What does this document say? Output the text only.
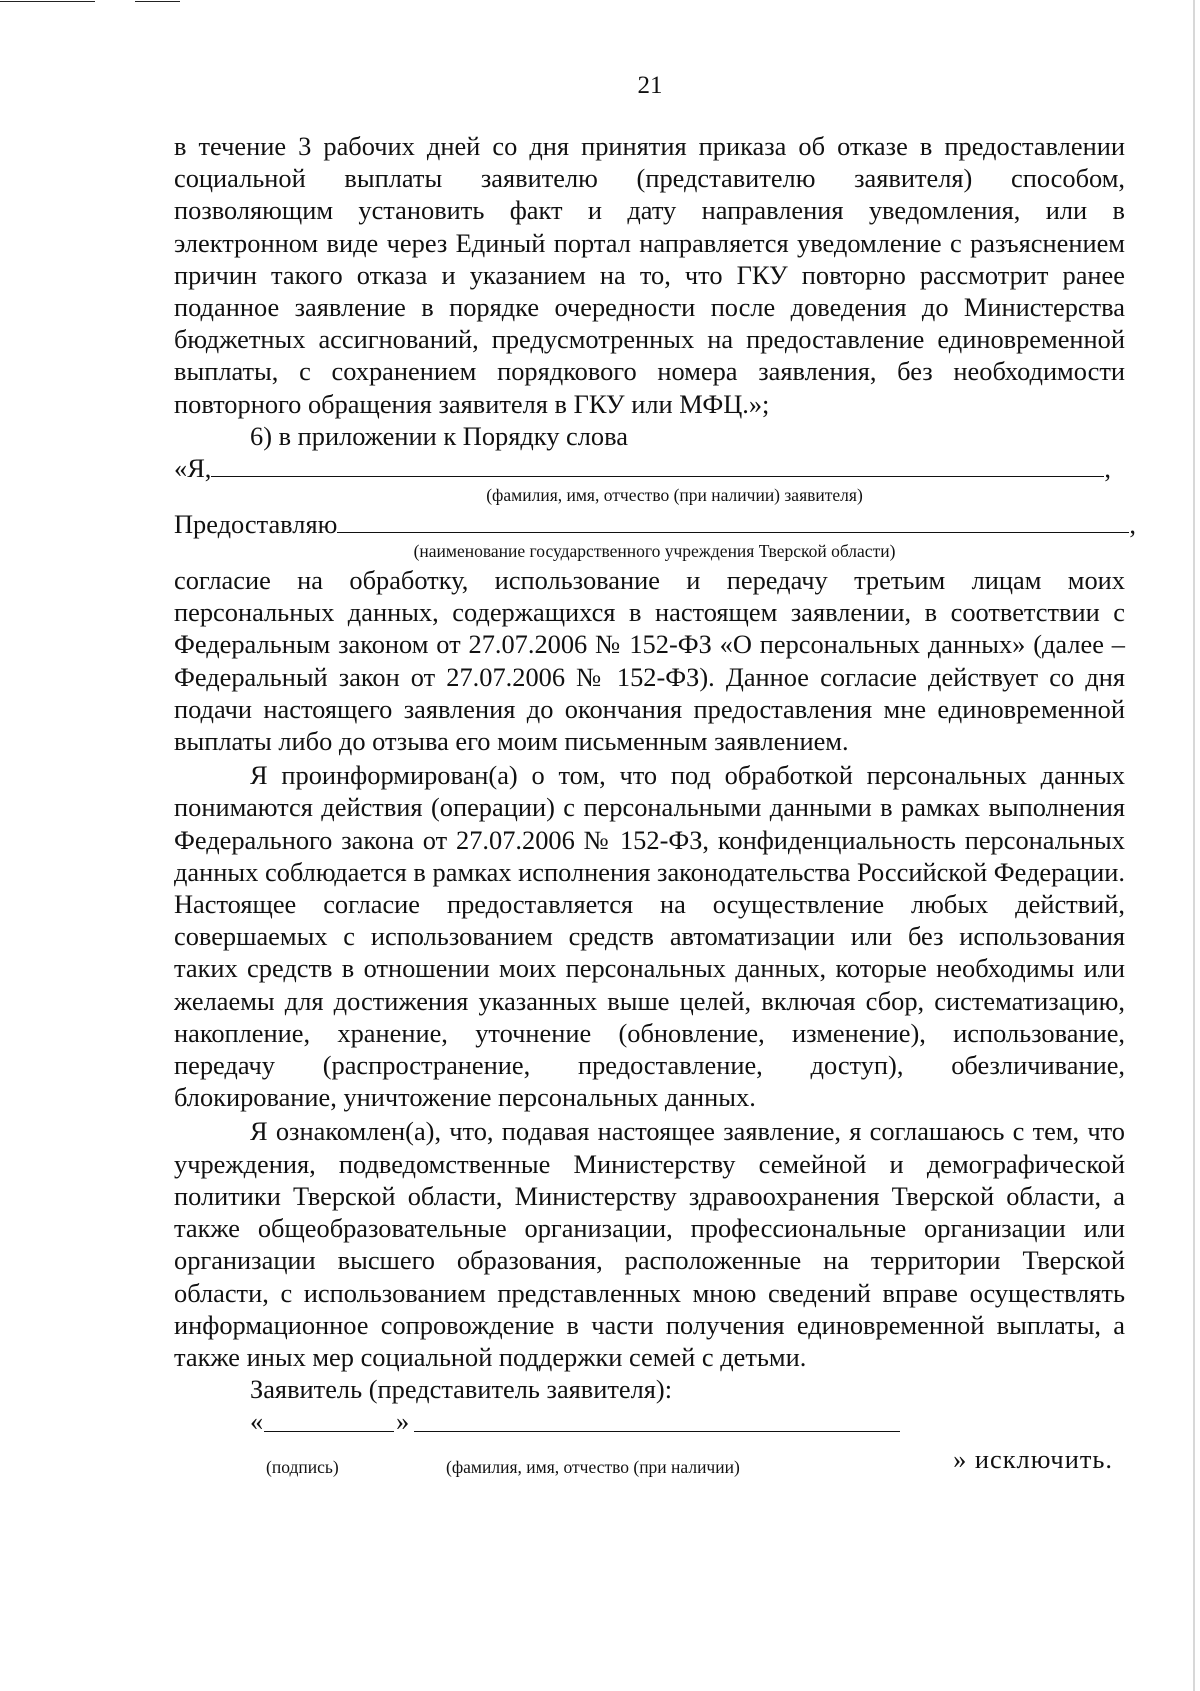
21

в течение 3 рабочих дней со дня принятия приказа об отказе в предоставлении социальной выплаты заявителю (представителю заявителя) способом, позволяющим установить факт и дату направления уведомления, или в электронном виде через Единый портал направляется уведомление с разъяснением причин такого отказа и указанием на то, что ГКУ повторно рассмотрит ранее поданное заявление в порядке очередности после доведения до Министерства бюджетных ассигнований, предусмотренных на предоставление единовременной выплаты, с сохранением порядкового номера заявления, без необходимости повторного обращения заявителя в ГКУ или МФЦ.»;

6) в приложении к Порядку слова

«Я,	,

(фамилия, имя, отчество (при наличии) заявителя)

Предоставляю	,

(наименование государственного учреждения Тверской области)

согласие на обработку, использование и передачу третьим лицам моих персональных данных, содержащихся в настоящем заявлении, в соответствии с Федеральным законом от 27.07.2006 № 152-ФЗ «О персональных данных» (далее – Федеральный закон от 27.07.2006 № 152-ФЗ). Данное согласие действует со дня подачи настоящего заявления до окончания предоставления мне единовременной выплаты либо до отзыва его моим письменным заявлением.

Я проинформирован(а) о том, что под обработкой персональных данных понимаются действия (операции) с персональными данными в рамках выполнения Федерального закона от 27.07.2006 № 152-ФЗ, конфиденциальность персональных данных соблюдается в рамках исполнения законодательства Российской Федерации. Настоящее согласие предоставляется на осуществление любых действий, совершаемых с использованием средств автоматизации или без использования таких средств в отношении моих персональных данных, которые необходимы или желаемы для достижения указанных выше целей, включая сбор, систематизацию, накопление, хранение, уточнение (обновление, изменение), использование, передачу (распространение, предоставление, доступ), обезличивание, блокирование, уничтожение персональных данных.

Я ознакомлен(а), что, подавая настоящее заявление, я соглашаюсь с тем, что учреждения, подведомственные Министерству семейной и демографической политики Тверской области, Министерству здравоохранения Тверской области, а также общеобразовательные организации, профессиональные организации или организации высшего образования, расположенные на территории Тверской области, с использованием представленных мною сведений вправе осуществлять информационное сопровождение в части получения единовременной выплаты, а также иных мер социальной поддержки семей с детьми.

Заявитель (представитель заявителя):

«	»
(подпись)	(фамилия, имя, отчество (при наличии)	» исключить.
